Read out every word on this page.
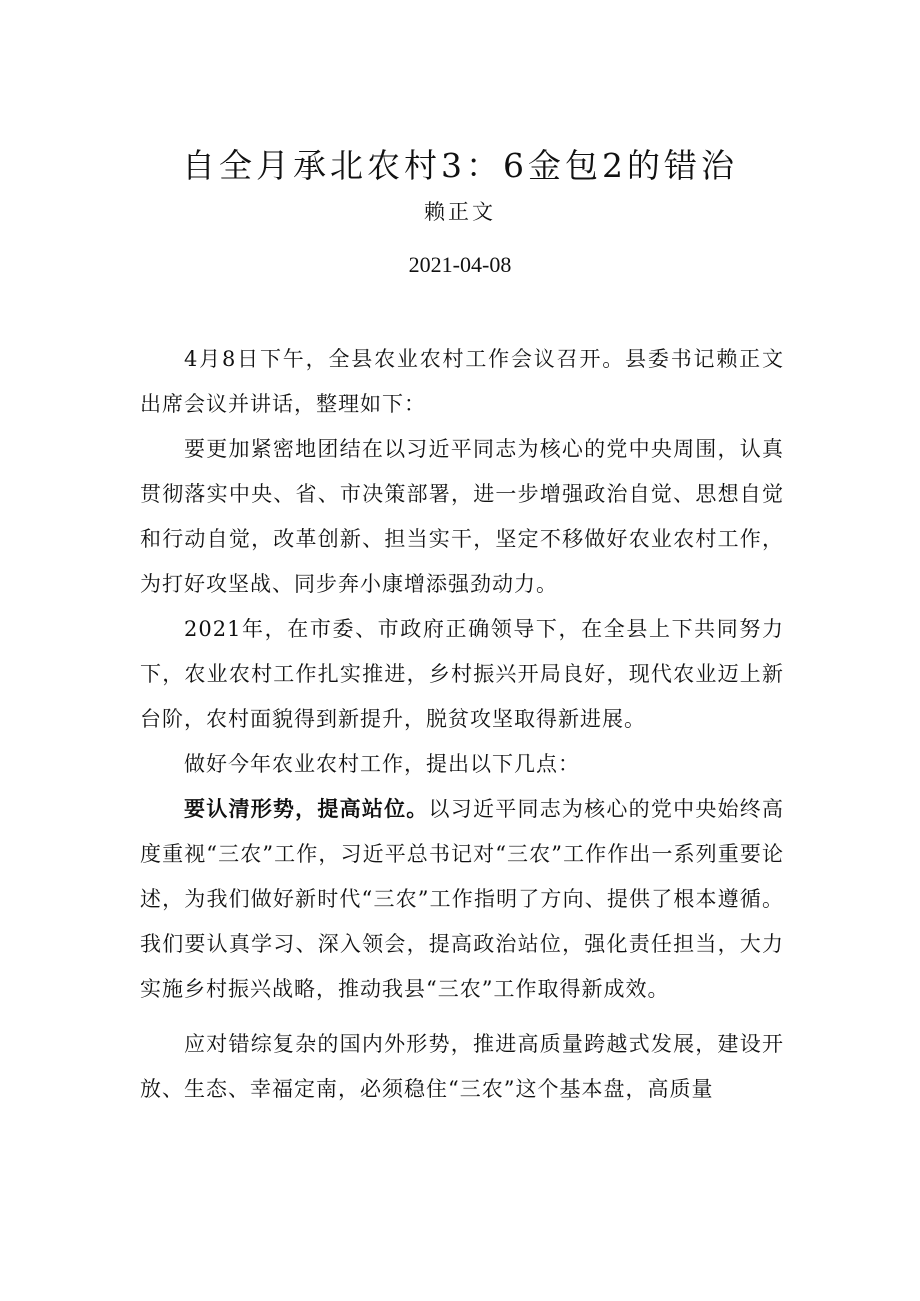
自全月承北农村3：6金包2的错治
赖正文
2021-04-08

4月8日下午，全县农业农村工作会议召开。县委书记赖正文出席会议并讲话，整理如下：

要更加紧密地团结在以习近平同志为核心的党中央周围，认真贯彻落实中央、省、市决策部署，进一步增强政治自觉、思想自觉和行动自觉，改革创新、担当实干，坚定不移做好农业农村工作，为打好攻坚战、同步奔小康增添强劲动力。

2021年，在市委、市政府正确领导下，在全县上下共同努力下，农业农村工作扎实推进，乡村振兴开局良好，现代农业迈上新台阶，农村面貌得到新提升，脱贫攻坚取得新进展。

做好今年农业农村工作，提出以下几点：

要认清形势，提高站位。以习近平同志为核心的党中央始终高度重视“三农”工作，习近平总书记对“三农”工作作出一系列重要论述，为我们做好新时代“三农”工作指明了方向、提供了根本遵循。我们要认真学习、深入领会，提高政治站位，强化责任担当，大力实施乡村振兴战略，推动我县“三农”工作取得新成效。

应对错综复杂的国内外形势，推进高质量跨越式发展，建设开放、生态、幸福定南，必须稳住“三农”这个基本盘，高质量
